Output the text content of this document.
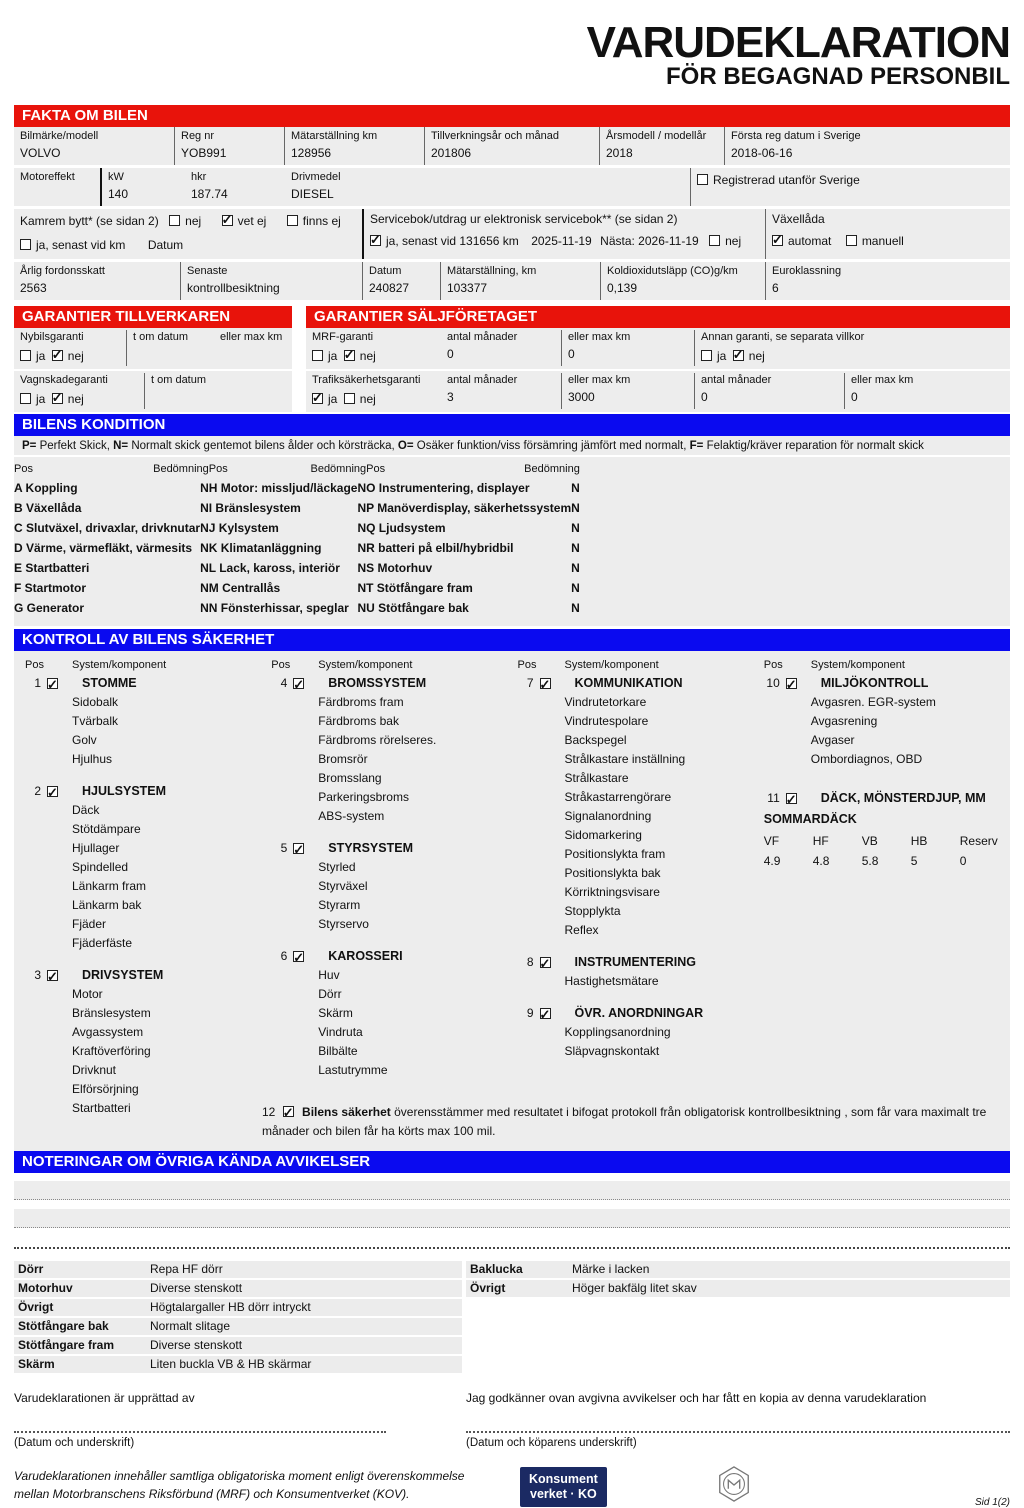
VARUDEKLARATION
FÖR BEGAGNAD PERSONBIL
FAKTA OM BILEN
Bilmärke/modell
VOLVO
Reg nr
YOB991
Mätarställning km
128956
Tillverkningsår och månad
201806
Årsmodell / modellår
2018
Första reg datum i Sverige
2018-06-16
Motoreffekt	kW
140
hkr
187.74
Drivmedel
DIESEL
Registrerad utanför Sverige
Kamrem bytt* (se sidan 2) nej ✓	vet ej	finns ej
ja, senast vid km Datum
Servicebok/utdrag ur elektronisk servicebok** (se sidan 2)
✓ja, senast vid 131656 km 2025-11-19 Nästa: 2026-11-19 nej
Växellåda
✓automat	manuell
Årlig fordonsskatt
2563
Senaste
kontrollbesiktning
Datum
240827
Mätarställning, km
103377
Koldioxidutsläpp (CO)g/km
0,139
Euroklassning
6
GARANTIER TILLVERKAREN
Nybilsgaranti
ja ✓ nej
t om datum	eller max km
Vagnskadegaranti
ja ✓ nej
t om datum
GARANTIER SÄLJFÖRETAGET
MRF-garanti
ja ✓ nej
antal månader
0
eller max km
0
Annan garanti, se separata villkor
ja ✓ nej
Trafiksäkerhetsgaranti
✓ja nej
antal månader
3
eller max km
3000
antal månader
0
eller max km
0
BILENS KONDITION
P= Perfekt Skick, N= Normalt skick gentemot bilens ålder och körsträcka, O= Osäker funktion/viss försämring jämfört med normalt, F= Felaktig/kräver reparation för normalt skick
Pos	Bedömning
A Koppling	N
B Växellåda	N
C Slutväxel, drivaxlar, drivknutar N
D Värme, värmefläkt, värmesits N
E Startbatteri	N
F Startmotor	N
G Generator	N
Pos	Bedömning
H Motor: missljud/läckage N
I Bränslesystem	N
J Kylsystem	N
K Klimatanläggning	N
L Lack, kaross, interiör N
M Centrallås	N
N Fönsterhissar, speglar N
Pos	Bedömning
O Instrumentering, displayer	N
P Manöverdisplay, säkerhetssystem N
Q Ljudsystem	N
R batteri på elbil/hybridbil	N
S Motorhuv	N
T Stötfångare fram	N
U Stötfångare bak	N
KONTROLL AV BILENS SÄKERHET
Pos	System/komponent
1 ✓	STOMME
Sidobalk
Tvärbalk
Golv
Hjulhus
2 ✓	HJULSYSTEM
Däck
Stötdämpare
Hjullager
Spindelled
Länkarm fram
Länkarm bak
Fjäder
Fjäderfäste
3 ✓	DRIVSYSTEM
Motor
Bränslesystem
Avgassystem
Kraftöverföring
Drivknut
Elförsörjning
Startbatteri
Pos	System/komponent
4 ✓	BROMSSYSTEM
Färdbroms fram
Färdbroms bak
Färdbroms rörelseres.
Bromsrör
Bromsslang
Parkeringsbroms
ABS-system
5 ✓	STYRSYSTEM
Styrled
Styrväxel
Styrarm
Styrservo
6 ✓	KAROSSERI
Huv
Dörr
Skärm
Vindruta
Bilbälte
Lastutrymme
Pos	System/komponent
7 ✓	KOMMUNIKATION
Vindrutetorkare
Vindrutespolare
Backspegel
Strålkastare inställning
Strålkastare
Stråkastarrengörare
Signalanordning
Sidomarkering
Positionslykta fram
Positionslykta bak
Körriktningsvisare
Stopplykta
Reflex
8 ✓	INSTRUMENTERING
Hastighetsmätare
9 ✓	ÖVR. ANORDNINGAR
Kopplingsanordning
Släpvagnskontakt
Pos	System/komponent
10 ✓	MILJÖKONTROLL
Avgasren. EGR-system
Avgasrening
Avgaser
Ombordiagnos, OBD
11 ✓	DÄCK, MÖNSTERDJUP, MM
SOMMARDÄCK
VF
4.9
HF
4.8
VB
5.8
HB
5
Reserv
0
12 ✓ Bilens säkerhet överensstämmer med resultatet i bifogat protokoll från obligatorisk kontrollbesiktning , som får vara maximalt tre månader och bilen får ha körts max 100 mil.
NOTERINGAR OM ÖVRIGA KÄNDA AVVIKELSER
Dörr	Repa HF dörr
Motorhuv	Diverse stenskott
Övrigt	Högtalargaller HB dörr intryckt
Stötfångare bak	Normalt slitage
Stötfångare fram	Diverse stenskott
Skärm	Liten buckla VB & HB skärmar
Baklucka	Märke i lacken
Övrigt	Höger bakfälg litet skav
Varudeklarationen är upprättad av
(Datum och underskrift)
Jag godkänner ovan avgivna avvikelser och har fått en kopia av denna varudeklaration
(Datum och köparens underskrift)
Varudeklarationen innehåller samtliga obligatoriska moment enligt överenskommelse
mellan Motorbranschens Riksförbund (MRF) och Konsumentverket (KOV).
Konsument
verket · KO
Sid 1(2)
